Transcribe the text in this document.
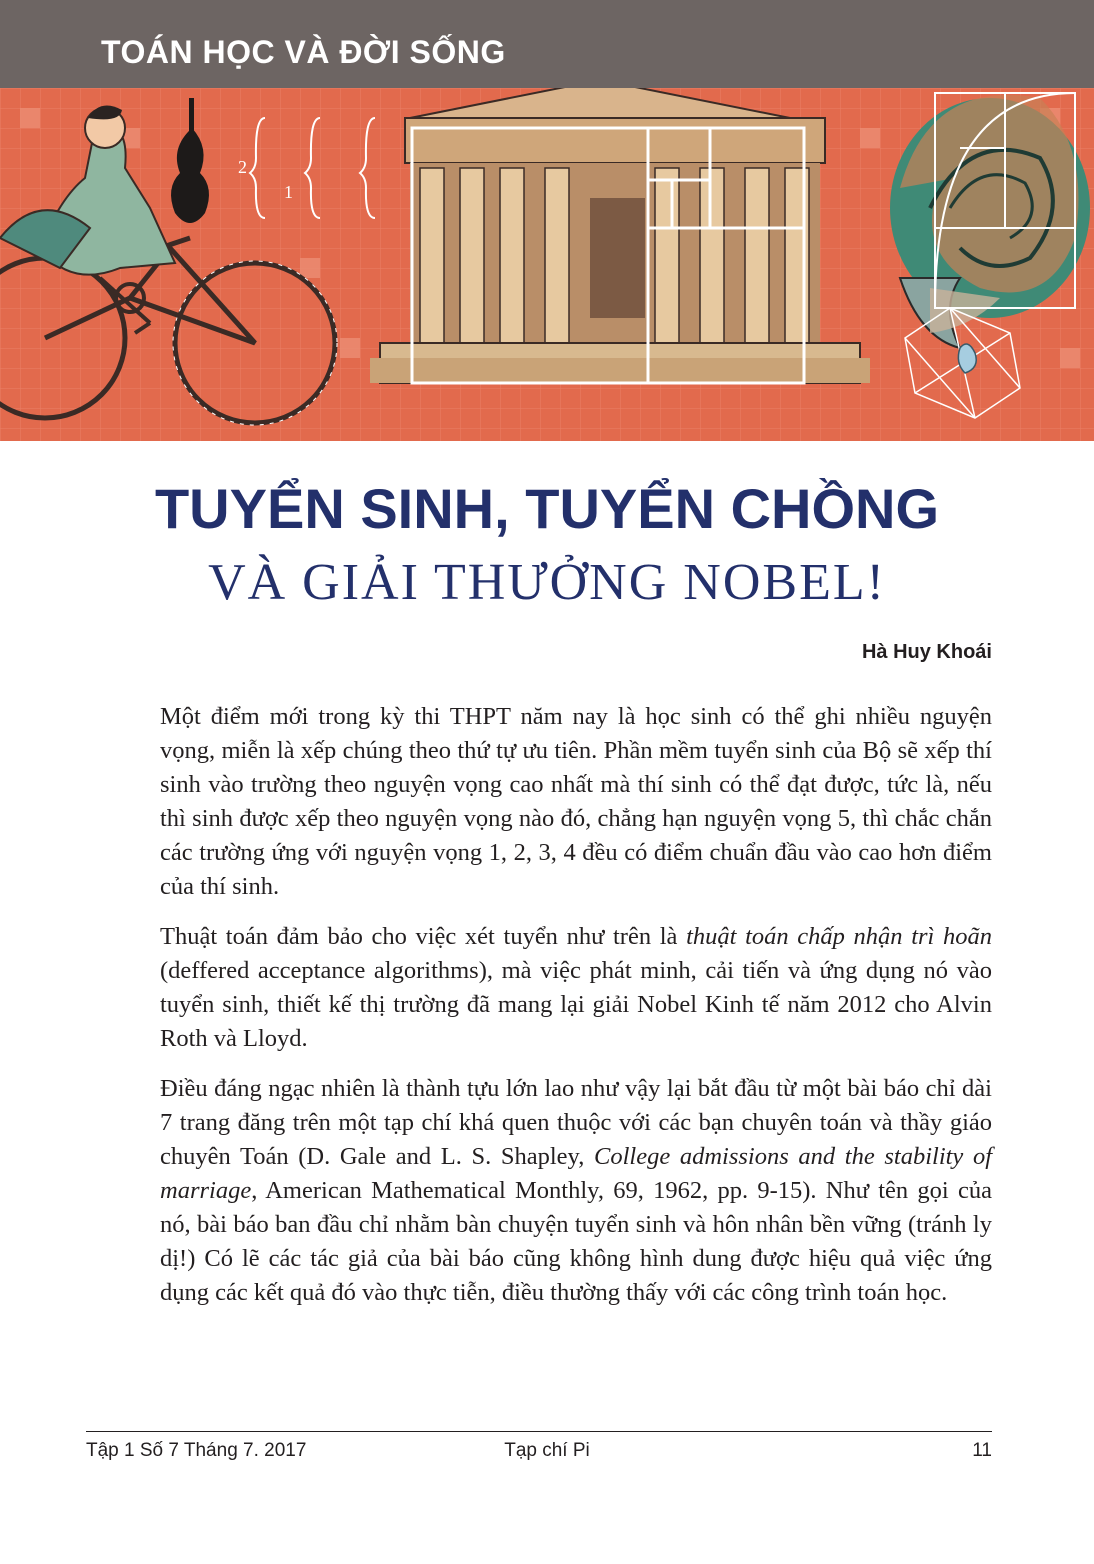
TOÁN HỌC VÀ ĐỜI SỐNG
2
1
TUYỂN SINH, TUYỂN CHỒNG
VÀ GIẢI THƯỞNG NOBEL!

Hà Huy Khoái

Một điểm mới trong kỳ thi THPT năm nay là học sinh có thể ghi nhiều nguyện vọng, miễn là xếp chúng theo thứ tự ưu tiên. Phần mềm tuyển sinh của Bộ sẽ xếp thí sinh vào trường theo nguyện vọng cao nhất mà thí sinh có thể đạt được, tức là, nếu thì sinh được xếp theo nguyện vọng nào đó, chẳng hạn nguyện vọng 5, thì chắc chắn các trường ứng với nguyện vọng 1, 2, 3, 4 đều có điểm chuẩn đầu vào cao hơn điểm của thí sinh.

Thuật toán đảm bảo cho việc xét tuyển như trên là thuật toán chấp nhận trì hoãn (deffered acceptance algorithms), mà việc phát minh, cải tiến và ứng dụng nó vào tuyển sinh, thiết kế thị trường đã mang lại giải Nobel Kinh tế năm 2012 cho Alvin Roth và Lloyd.

Điều đáng ngạc nhiên là thành tựu lớn lao như vậy lại bắt đầu từ một bài báo chỉ dài 7 trang đăng trên một tạp chí khá quen thuộc với các bạn chuyên toán và thầy giáo chuyên Toán (D. Gale and L. S. Shapley, College admissions and the stability of marriage, American Mathematical Monthly, 69, 1962, pp. 9-15). Như tên gọi của nó, bài báo ban đầu chỉ nhằm bàn chuyện tuyển sinh và hôn nhân bền vững (tránh ly dị!) Có lẽ các tác giả của bài báo cũng không hình dung được hiệu quả việc ứng dụng các kết quả đó vào thực tiễn, điều thường thấy với các công trình toán học.

Tập 1 Số 7 Tháng 7. 2017	Tạp chí Pi	11
